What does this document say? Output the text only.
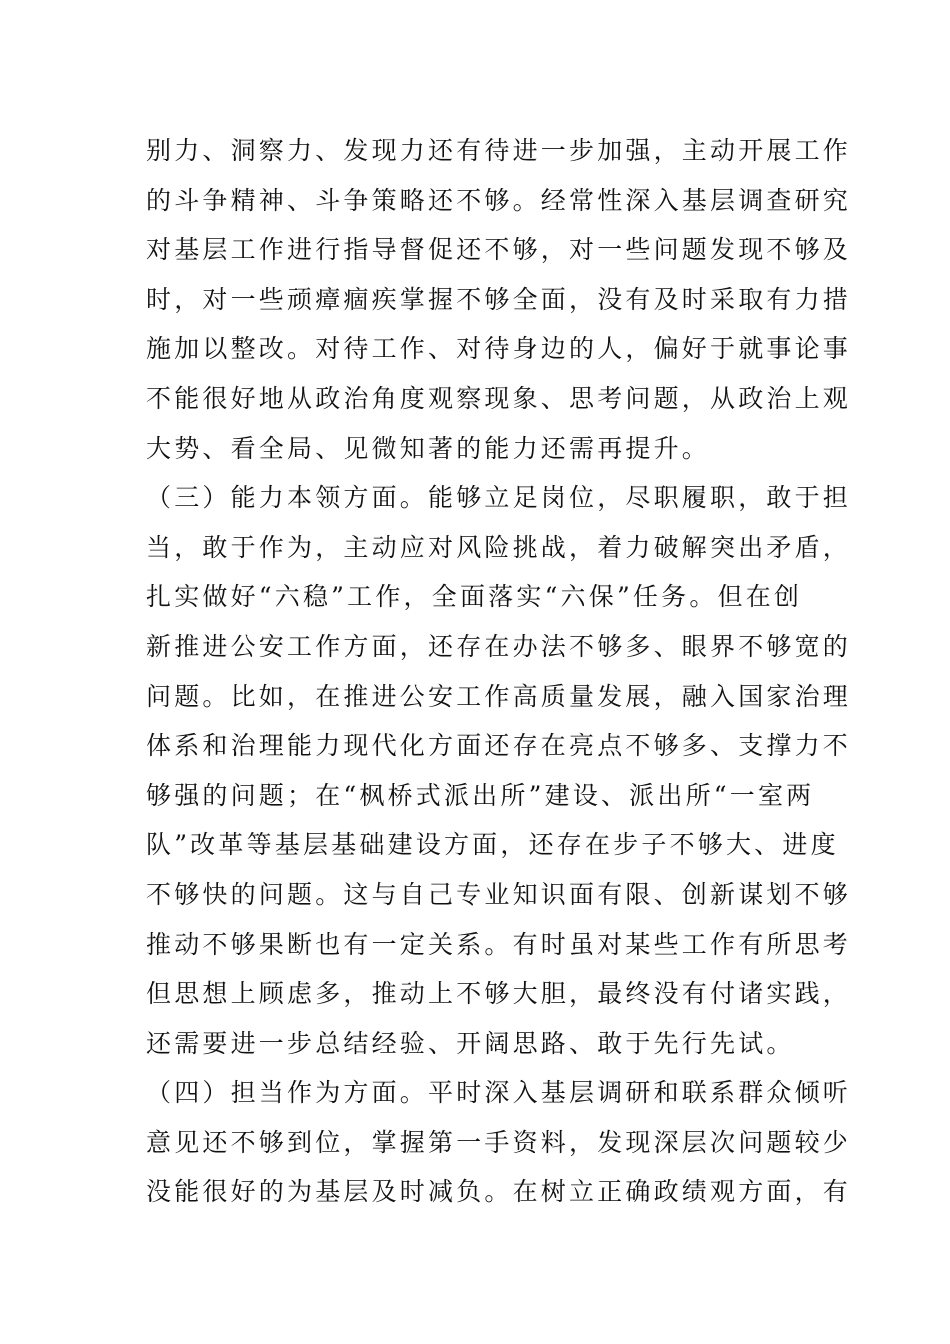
别力、洞察力、发现力还有待进一步加强，主动开展工作
的斗争精神、斗争策略还不够。经常性深入基层调查研究
对基层工作进行指导督促还不够，对一些问题发现不够及
时，对一些顽瘴痼疾掌握不够全面，没有及时采取有力措
施加以整改。对待工作、对待身边的人，偏好于就事论事
不能很好地从政治角度观察现象、思考问题，从政治上观
大势、看全局、见微知著的能力还需再提升。
（三）能力本领方面。能够立足岗位，尽职履职，敢于担
当，敢于作为，主动应对风险挑战，着力破解突出矛盾，
扎实做好“六稳”工作，全面落实“六保”任务。但在创
新推进公安工作方面，还存在办法不够多、眼界不够宽的
问题。比如，在推进公安工作高质量发展，融入国家治理
体系和治理能力现代化方面还存在亮点不够多、支撑力不
够强的问题；在“枫桥式派出所”建设、派出所“一室两
队”改革等基层基础建设方面，还存在步子不够大、进度
不够快的问题。这与自己专业知识面有限、创新谋划不够
推动不够果断也有一定关系。有时虽对某些工作有所思考
但思想上顾虑多，推动上不够大胆，最终没有付诸实践，
还需要进一步总结经验、开阔思路、敢于先行先试。
（四）担当作为方面。平时深入基层调研和联系群众倾听
意见还不够到位，掌握第一手资料，发现深层次问题较少
没能很好的为基层及时减负。在树立正确政绩观方面，有
